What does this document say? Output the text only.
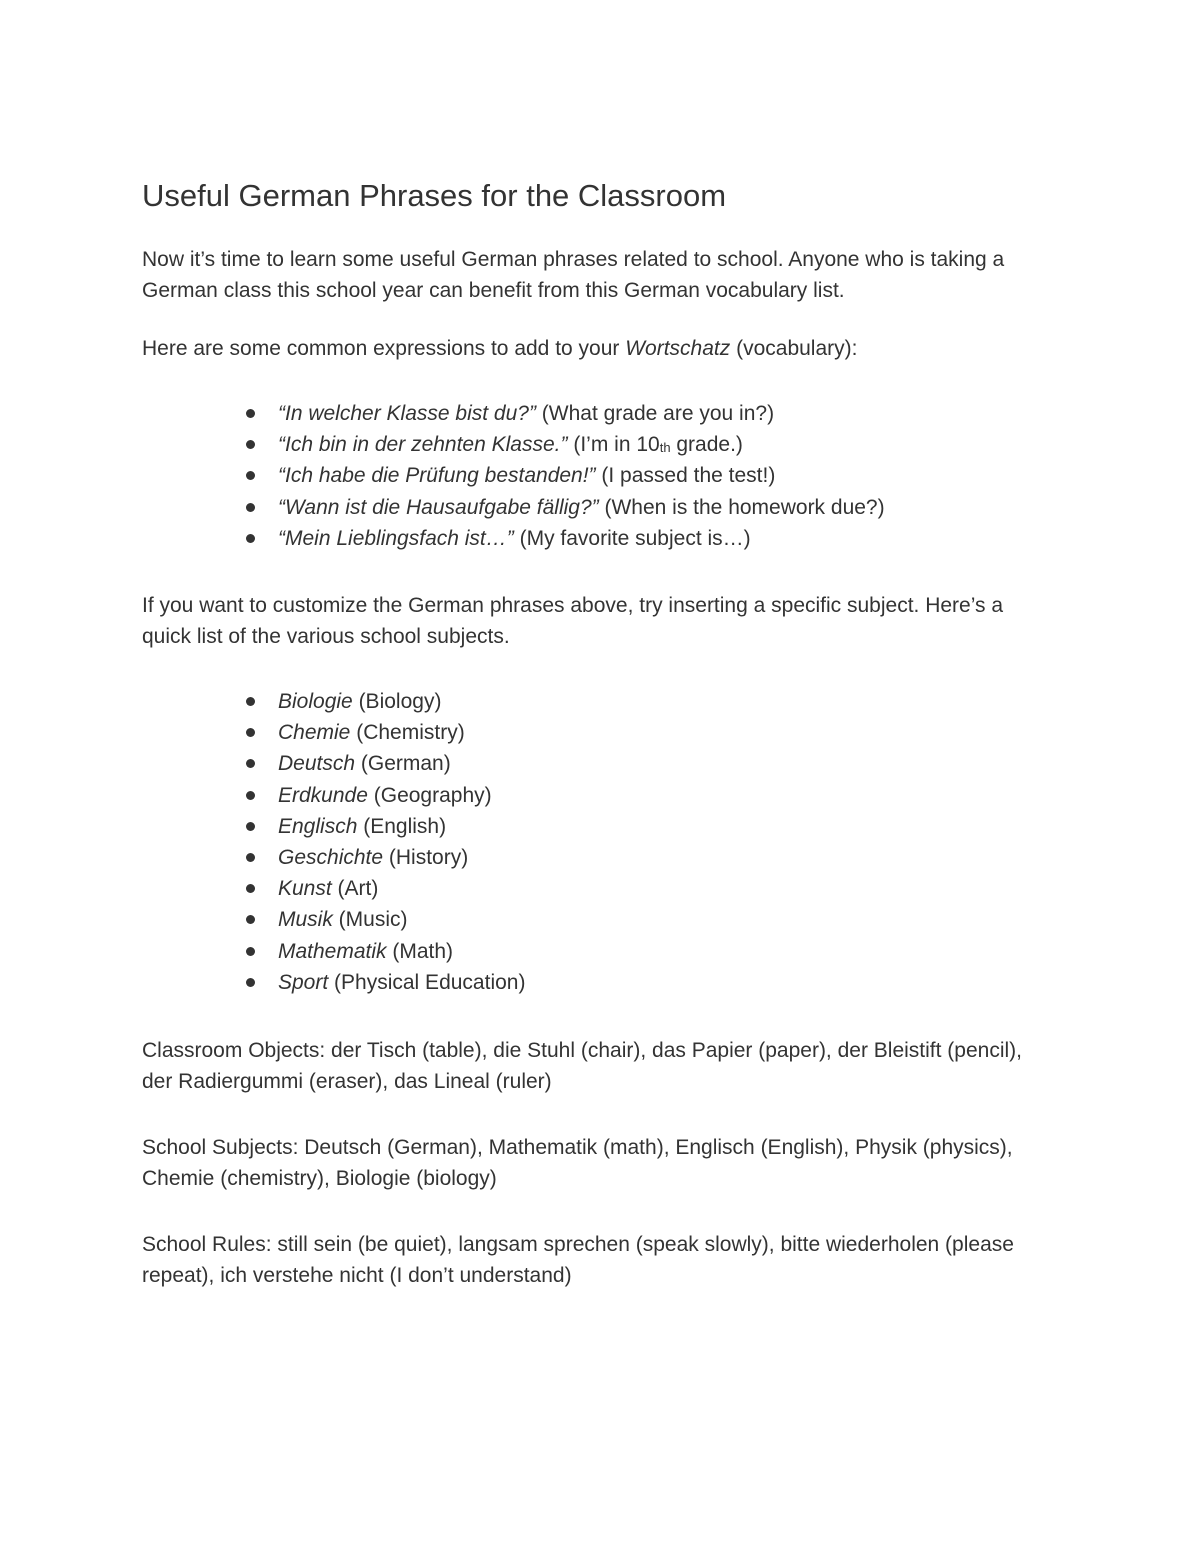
Useful German Phrases for the Classroom

Now it’s time to learn some useful German phrases related to school. Anyone who is taking a German class this school year can benefit from this German vocabulary list.

Here are some common expressions to add to your Wortschatz (vocabulary):

“In welcher Klasse bist du?” (What grade are you in?)
“Ich bin in der zehnten Klasse.” (I’m in $10_{th}$ grade.)
“Ich habe die Prüfung bestanden!” (I passed the test!)
“Wann ist die Hausaufgabe fällig?” (When is the homework due?)
“Mein Lieblingsfach ist…” (My favorite subject is…)

If you want to customize the German phrases above, try inserting a specific subject. Here’s a quick list of the various school subjects.

Biologie (Biology)
Chemie (Chemistry)
Deutsch (German)
Erdkunde (Geography)
Englisch (English)
Geschichte (History)
Kunst (Art)
Musik (Music)
Mathematik (Math)
Sport (Physical Education)

Classroom Objects: der Tisch (table), die Stuhl (chair), das Papier (paper), der Bleistift (pencil), der Radiergummi (eraser), das Lineal (ruler)

School Subjects: Deutsch (German), Mathematik (math), Englisch (English), Physik (physics), Chemie (chemistry), Biologie (biology)

School Rules: still sein (be quiet), langsam sprechen (speak slowly), bitte wiederholen (please repeat), ich verstehe nicht (I don’t understand)
